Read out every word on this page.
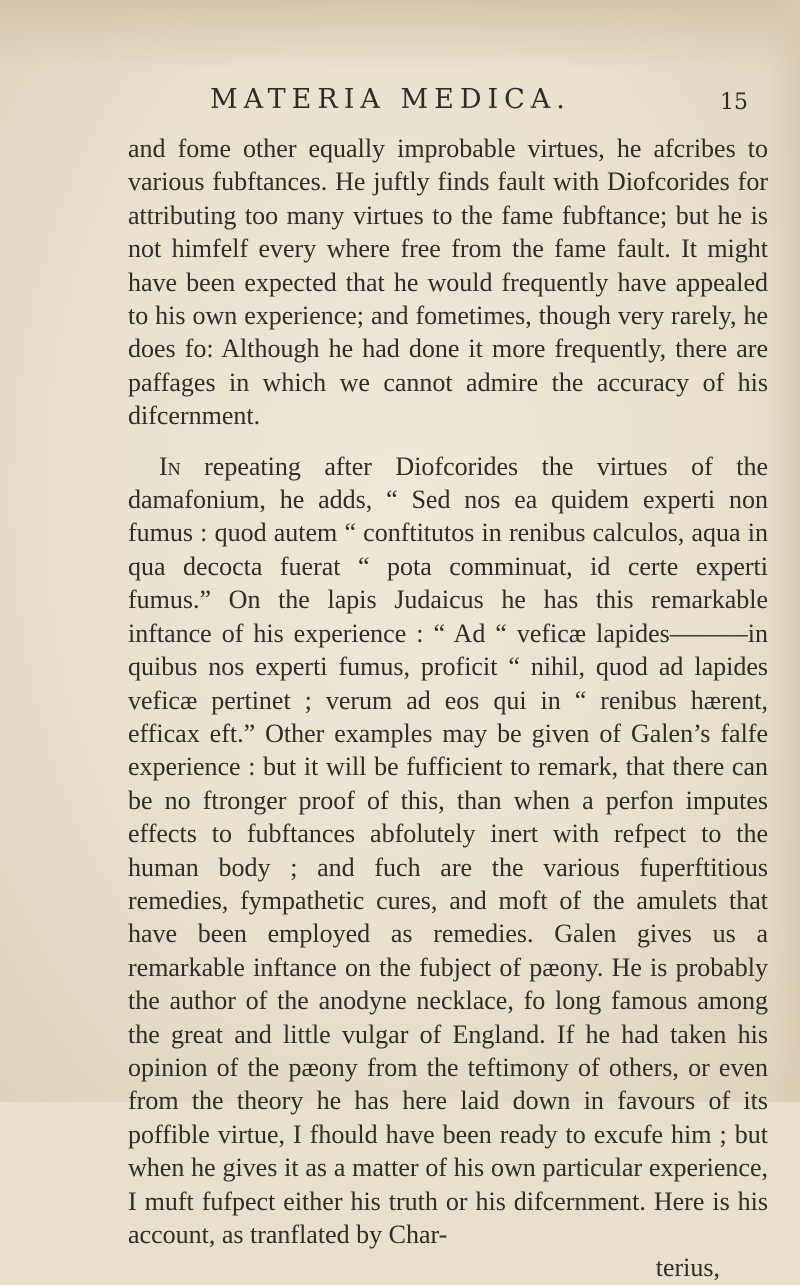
MATERIA MEDICA.	15

and fome other equally improbable virtues, he afcribes to various fubftances. He juftly finds fault with Diofcorides for attributing too many virtues to the fame fubftance; but he is not himfelf every where free from the fame fault. It might have been expected that he would frequently have appealed to his own experience; and fometimes, though very rarely, he does fo: Although he had done it more frequently, there are paffages in which we cannot admire the accuracy of his difcernment.

In repeating after Diofcorides the virtues of the damafonium, he adds, “ Sed nos ea quidem experti non fumus : quod autem “ conftitutos in renibus calculos, aqua in qua decocta fuerat “ pota comminuat, id certe experti fumus.” On the lapis Judaicus he has this remarkable inftance of his experience : “ Ad “ veficæ lapides———in quibus nos experti fumus, proficit “ nihil, quod ad lapides veficæ pertinet ; verum ad eos qui in “ renibus hærent, efficax eft.” Other examples may be given of Galen’s falfe experience : but it will be fufficient to remark, that there can be no ftronger proof of this, than when a perfon imputes effects to fubftances abfolutely inert with refpect to the human body ; and fuch are the various fuperftitious remedies, fympathetic cures, and moft of the amulets that have been employed as remedies. Galen gives us a remarkable inftance on the fubject of pæony. He is probably the author of the anodyne necklace, fo long famous among the great and little vulgar of England. If he had taken his opinion of the pæony from the teftimony of others, or even from the theory he has here laid down in favours of its poffible virtue, I fhould have been ready to excufe him ; but when he gives it as a matter of his own particular experience, I muft fufpect either his truth or his difcernment. Here is his account, as tranflated by Char-
terius,
